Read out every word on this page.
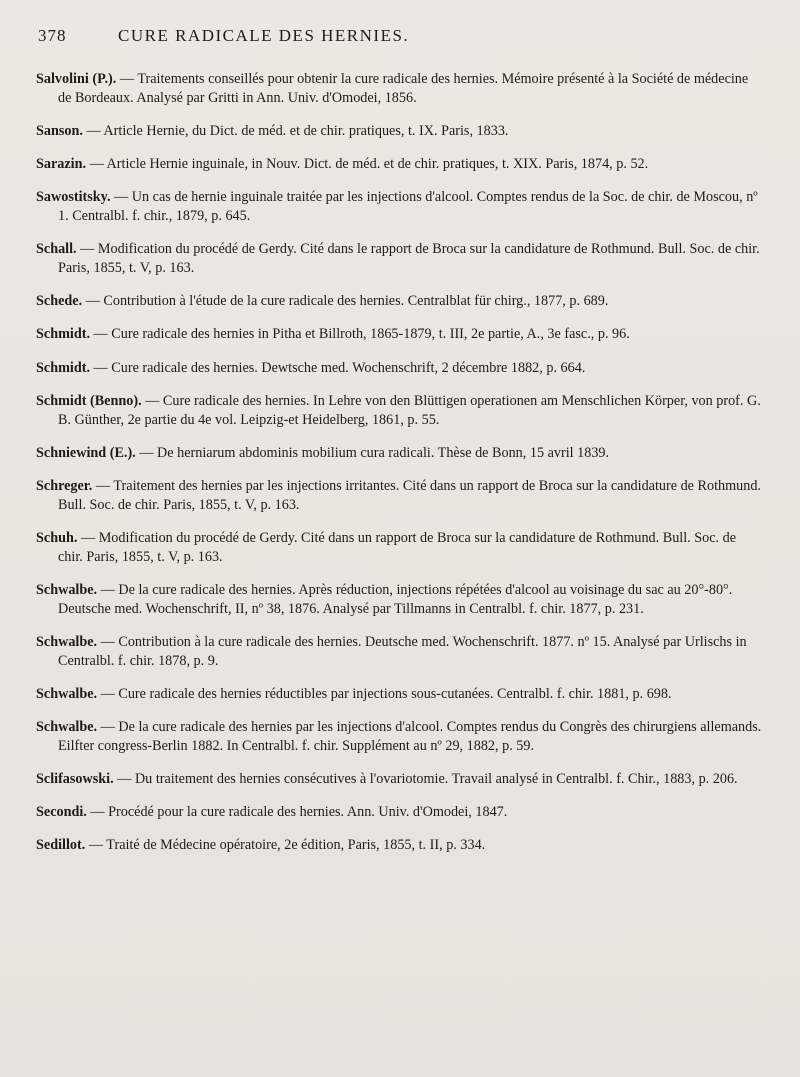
378	CURE RADICALE DES HERNIES.

Salvolini (P.). — Traitements conseillés pour obtenir la cure radicale des hernies. Mémoire présenté à la Société de médecine de Bordeaux. Analysé par Gritti in Ann. Univ. d'Omodei, 1856.

Sanson. — Article Hernie, du Dict. de méd. et de chir. pratiques, t. IX. Paris, 1833.

Sarazin. — Article Hernie inguinale, in Nouv. Dict. de méd. et de chir. pratiques, t. XIX. Paris, 1874, p. 52.

Sawostitsky. — Un cas de hernie inguinale traitée par les injections d'alcool. Comptes rendus de la Soc. de chir. de Moscou, nº 1. Centralbl. f. chir., 1879, p. 645.

Schall. — Modification du procédé de Gerdy. Cité dans le rapport de Broca sur la candidature de Rothmund. Bull. Soc. de chir. Paris, 1855, t. V, p. 163.

Schede. — Contribution à l'étude de la cure radicale des hernies. Centralblat für chirg., 1877, p. 689.

Schmidt. — Cure radicale des hernies in Pitha et Billroth, 1865-1879, t. III, 2e partie, A., 3e fasc., p. 96.

Schmidt. — Cure radicale des hernies. Dewtsche med. Wochenschrift, 2 décembre 1882, p. 664.

Schmidt (Benno). — Cure radicale des hernies. In Lehre von den Blüttigen operationen am Menschlichen Körper, von prof. G. B. Günther, 2e partie du 4e vol. Leipzig-et Heidelberg, 1861, p. 55.

Schniewind (E.). — De herniarum abdominis mobilium cura radicali. Thèse de Bonn, 15 avril 1839.

Schreger. — Traitement des hernies par les injections irritantes. Cité dans un rapport de Broca sur la candidature de Rothmund. Bull. Soc. de chir. Paris, 1855, t. V, p. 163.

Schuh. — Modification du procédé de Gerdy. Cité dans un rapport de Broca sur la candidature de Rothmund. Bull. Soc. de chir. Paris, 1855, t. V, p. 163.

Schwalbe. — De la cure radicale des hernies. Après réduction, injections répétées d'alcool au voisinage du sac au 20°-80°. Deutsche med. Wochenschrift, II, nº 38, 1876. Analysé par Tillmanns in Centralbl. f. chir. 1877, p. 231.

Schwalbe. — Contribution à la cure radicale des hernies. Deutsche med. Wochenschrift. 1877. nº 15. Analysé par Urlischs in Centralbl. f. chir. 1878, p. 9.

Schwalbe. — Cure radicale des hernies réductibles par injections sous-cutanées. Centralbl. f. chir. 1881, p. 698.

Schwalbe. — De la cure radicale des hernies par les injections d'alcool. Comptes rendus du Congrès des chirurgiens allemands. Eilfter congress-Berlin 1882. In Centralbl. f. chir. Supplément au nº 29, 1882, p. 59.

Sclifasowski. — Du traitement des hernies consécutives à l'ovariotomie. Travail analysé in Centralbl. f. Chir., 1883, p. 206.

Secondi. — Procédé pour la cure radicale des hernies. Ann. Univ. d'Omodei, 1847.

Sedillot. — Traité de Médecine opératoire, 2e édition, Paris, 1855, t. II, p. 334.
